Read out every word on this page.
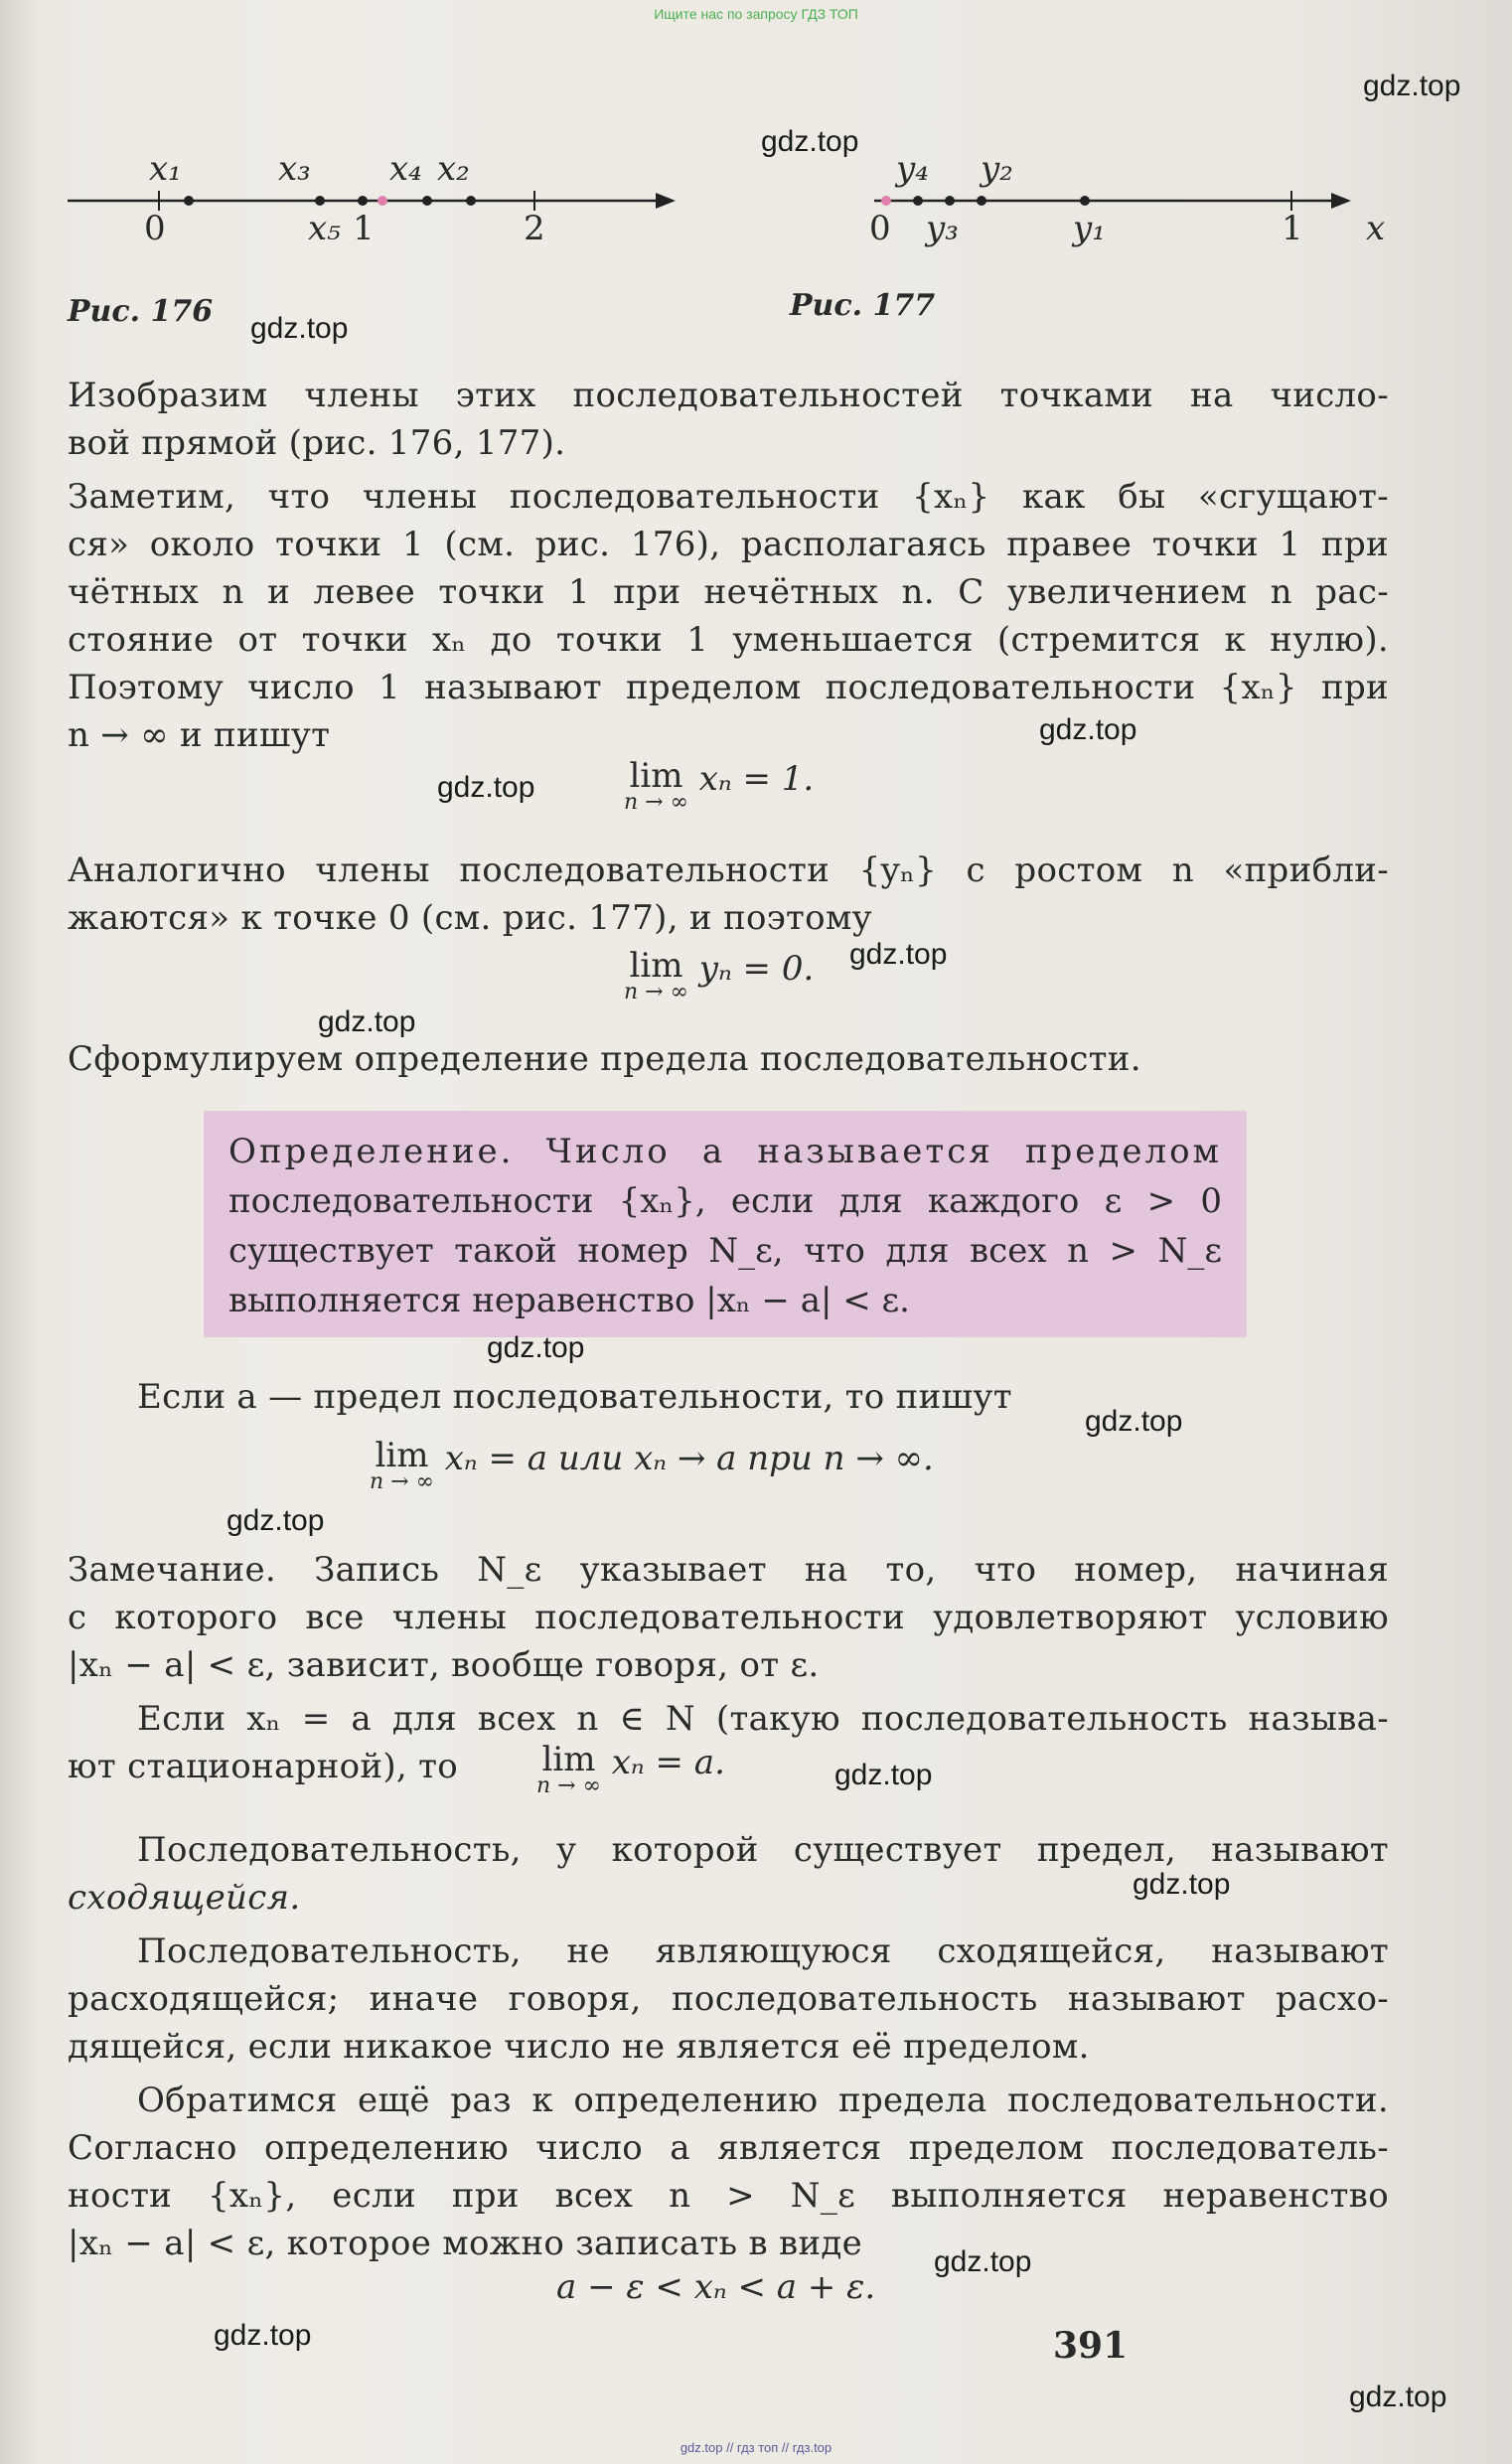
Ищите нас по запросу ГДЗ ТОП
x₁	x₃ x₄ x₂
0	x₅ 1	2
Рис. 176
y₄ y₂
0 y₃	y₁	1 x
Рис. 177
Изобразим члены этих последовательностей точками на число-
вой прямой (рис. 176, 177).
Заметим, что члены последовательности {xₙ} как бы «сгущают-
ся» около точки 1 (см. рис. 176), располагаясь правее точки 1 при
чётных n и левее точки 1 при нечётных n. С увеличением n рас-
стояние от точки xₙ до точки 1 уменьшается (стремится к нулю).
Поэтому число 1 называют пределом последовательности {xₙ} при
n → ∞ и пишут
lim
n → ∞
xₙ = 1.
Аналогично члены последовательности {yₙ} с ростом n «прибли-
жаются» к точке 0 (см. рис. 177), и поэтому
lim
n → ∞
yₙ = 0.
Сформулируем определение предела последовательности.
Определение. Число a называется пределом
последовательности {xₙ}, если для каждого ε > 0
существует такой номер N_ε, что для всех n > N_ε
выполняется неравенство |xₙ − a| < ε.
Если a — предел последовательности, то пишут
lim
n → ∞
xₙ = a или xₙ → a при n → ∞.
Замечание. Запись N_ε указывает на то, что номер, начиная
с которого все члены последовательности удовлетворяют условию
|xₙ − a| < ε, зависит, вообще говоря, от ε.
Если xₙ = a для всех n ∈ N (такую последовательность называ-
ют стационарной), то lim
n → ∞
xₙ = a.
Последовательность, у которой существует предел, называют
сходящейся.
Последовательность, не являющуюся сходящейся, называют
расходящейся; иначе говоря, последовательность называют расхо-
дящейся, если никакое число не является её пределом.
Обратимся ещё раз к определению предела последовательности.
Согласно определению число a является пределом последователь-
ности {xₙ}, если при всех n > N_ε выполняется неравенство
|xₙ − a| < ε, которое можно записать в виде
a − ε < xₙ < a + ε.
391
gdz.top
gdz.top
gdz.top
gdz.top
gdz.top
gdz.top
gdz.top
gdz.top
gdz.top
gdz.top
gdz.top
gdz.top
gdz.top
gdz.top
gdz.top
gdz.top // гдз топ // гдз.top
